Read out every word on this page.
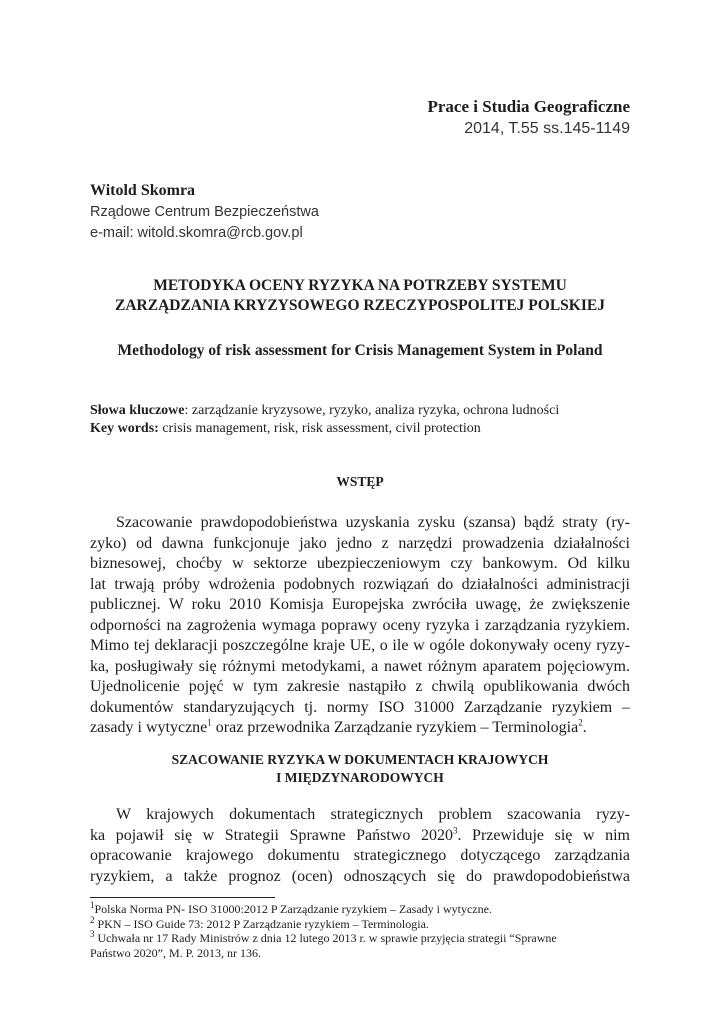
Prace i Studia Geograficzne
2014, T.55 ss.145-1149
Witold Skomra
Rządowe Centrum Bezpieczeństwa
e-mail: witold.skomra@rcb.gov.pl
METODYKA OCENY RYZYKA NA POTRZEBY SYSTEMU
ZARZĄDZANIA KRYZYSOWEGO RZECZYPOSPOLITEJ POLSKIEJ
Methodology of risk assessment for Crisis Management System in Poland
Słowa kluczowe: zarządzanie kryzysowe, ryzyko, analiza ryzyka, ochrona ludności
Key words: crisis management, risk, risk assessment, civil protection
WSTĘP
Szacowanie prawdopodobieństwa uzyskania zysku (szansa) bądź straty (ry-
zyko) od dawna funkcjonuje jako jedno z narzędzi prowadzenia działalności
biznesowej, choćby w sektorze ubezpieczeniowym czy bankowym. Od kilku
lat trwają próby wdrożenia podobnych rozwiązań do działalności administracji
publicznej. W roku 2010 Komisja Europejska zwróciła uwagę, że zwiększenie
odporności na zagrożenia wymaga poprawy oceny ryzyka i zarządzania ryzykiem.
Mimo tej deklaracji poszczególne kraje UE, o ile w ogóle dokonywały oceny ryzy-
ka, posługiwały się różnymi metodykami, a nawet różnym aparatem pojęciowym.
Ujednolicenie pojęć w tym zakresie nastąpiło z chwilą opublikowania dwóch
dokumentów standaryzujących tj. normy ISO 31000 Zarządzanie ryzykiem –
zasady i wytyczne$^1$ oraz przewodnika Zarządzanie ryzykiem – Terminologia$^2$.
SZACOWANIE RYZYKA W DOKUMENTACH KRAJOWYCH
I MIĘDZYNARODOWYCH
W krajowych dokumentach strategicznych problem szacowania ryzy-
ka pojawił się w Strategii Sprawne Państwo 2020$^3$. Przewiduje się w nim
opracowanie krajowego dokumentu strategicznego dotyczącego zarządzania
ryzykiem, a także prognoz (ocen) odnoszących się do prawdopodobieństwa
$^1$Polska Norma PN- ISO 31000:2012 P Zarządzanie ryzykiem – Zasady i wytyczne.
$^2$ PKN – ISO Guide 73: 2012 P Zarządzanie ryzykiem – Terminologia.
$^3$ Uchwała nr 17 Rady Ministrów z dnia 12 lutego 2013 r. w sprawie przyjęcia strategii “Sprawne
Państwo 2020”, M. P. 2013, nr 136.
